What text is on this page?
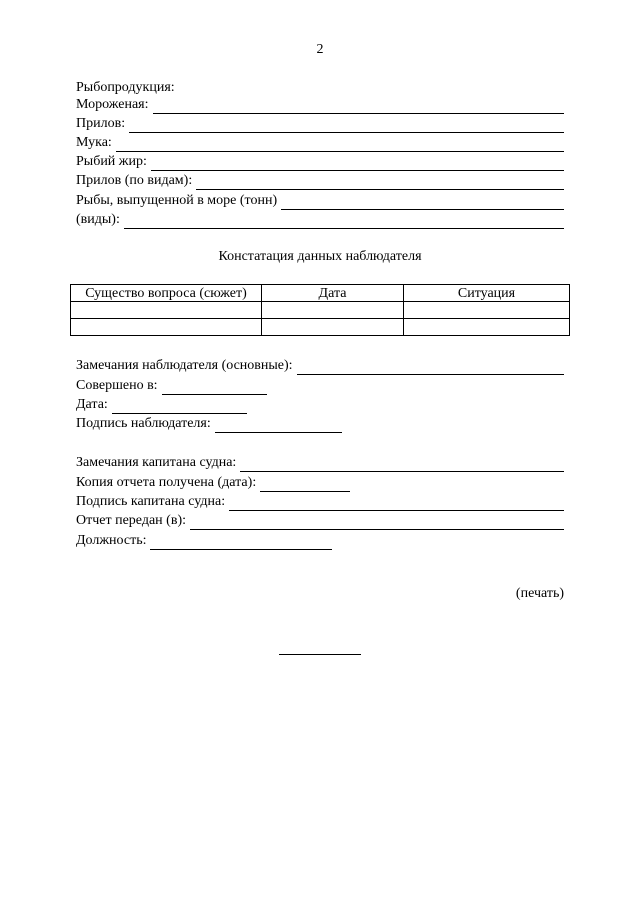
2
Рыбопродукция:
Мороженая:
Прилов:
Мука:
Рыбий жир:
Прилов (по видам):
Рыбы, выпущенной в море (тонн)
(виды):
Констатация данных наблюдателя
Существо вопроса (сюжет)	Дата	Ситуация

Замечания наблюдателя (основные):
Совершено в:
Дата:
Подпись наблюдателя:
Замечания капитана судна:
Копия отчета получена (дата):
Подпись капитана судна:
Отчет передан (в):
Должность:
(печать)
